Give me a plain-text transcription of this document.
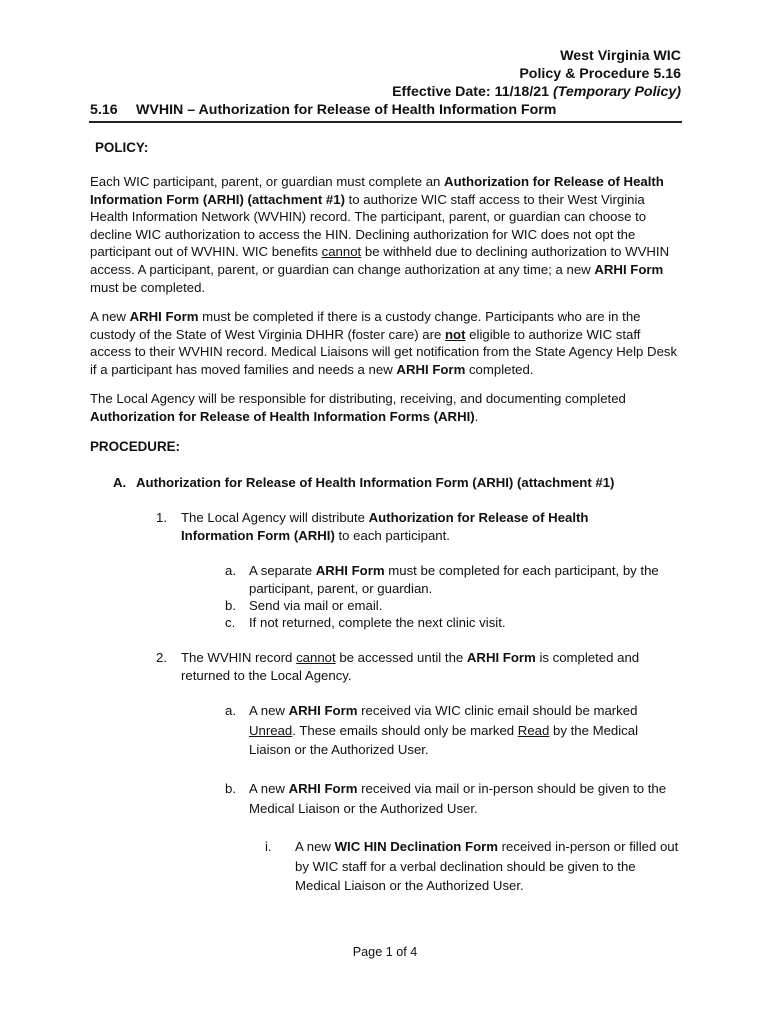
West Virginia WIC
Policy & Procedure 5.16
Effective Date: 11/18/21 (Temporary Policy)
5.16 WVHIN – Authorization for Release of Health Information Form
POLICY:
Each WIC participant, parent, or guardian must complete an Authorization for Release of Health Information Form (ARHI) (attachment #1) to authorize WIC staff access to their West Virginia Health Information Network (WVHIN) record. The participant, parent, or guardian can choose to decline WIC authorization to access the HIN. Declining authorization for WIC does not opt the participant out of WVHIN. WIC benefits cannot be withheld due to declining authorization to WVHIN access. A participant, parent, or guardian can change authorization at any time; a new ARHI Form must be completed.
A new ARHI Form must be completed if there is a custody change. Participants who are in the custody of the State of West Virginia DHHR (foster care) are not eligible to authorize WIC staff access to their WVHIN record. Medical Liaisons will get notification from the State Agency Help Desk if a participant has moved families and needs a new ARHI Form completed.
The Local Agency will be responsible for distributing, receiving, and documenting completed Authorization for Release of Health Information Forms (ARHI).
PROCEDURE:
A. Authorization for Release of Health Information Form (ARHI) (attachment #1)
1. The Local Agency will distribute Authorization for Release of Health Information Form (ARHI) to each participant.
a. A separate ARHI Form must be completed for each participant, by the participant, parent, or guardian.
b. Send via mail or email.
c. If not returned, complete the next clinic visit.
2. The WVHIN record cannot be accessed until the ARHI Form is completed and returned to the Local Agency.
a. A new ARHI Form received via WIC clinic email should be marked Unread. These emails should only be marked Read by the Medical Liaison or the Authorized User.
b. A new ARHI Form received via mail or in-person should be given to the Medical Liaison or the Authorized User.
i. A new WIC HIN Declination Form received in-person or filled out by WIC staff for a verbal declination should be given to the Medical Liaison or the Authorized User.
Page 1 of 4
